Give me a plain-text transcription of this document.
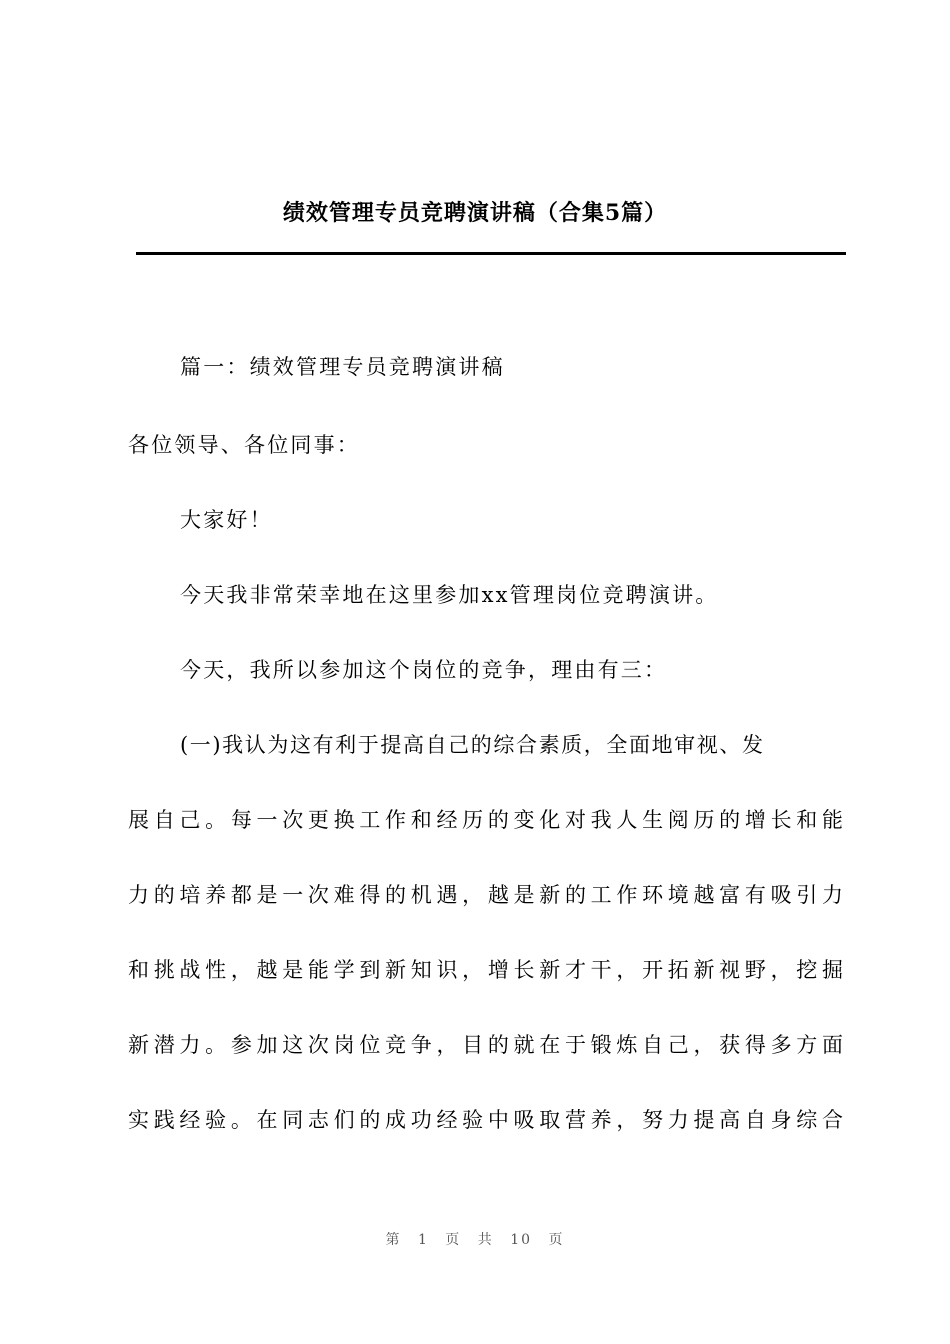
绩效管理专员竞聘演讲稿（合集5篇）
篇一：绩效管理专员竞聘演讲稿
各位领导、各位同事：
大家好！
今天我非常荣幸地在这里参加xx管理岗位竞聘演讲。
今天，我所以参加这个岗位的竞争，理由有三：
(一)我认为这有利于提高自己的综合素质，全面地审视、发
展自己。每一次更换工作和经历的变化对我人生阅历的增长和能
力的培养都是一次难得的机遇，越是新的工作环境越富有吸引力
和挑战性，越是能学到新知识，增长新才干，开拓新视野，挖掘
新潜力。参加这次岗位竞争，目的就在于锻炼自己，获得多方面
实践经验。在同志们的成功经验中吸取营养，努力提高自身综合
第 1 页 共 10 页
